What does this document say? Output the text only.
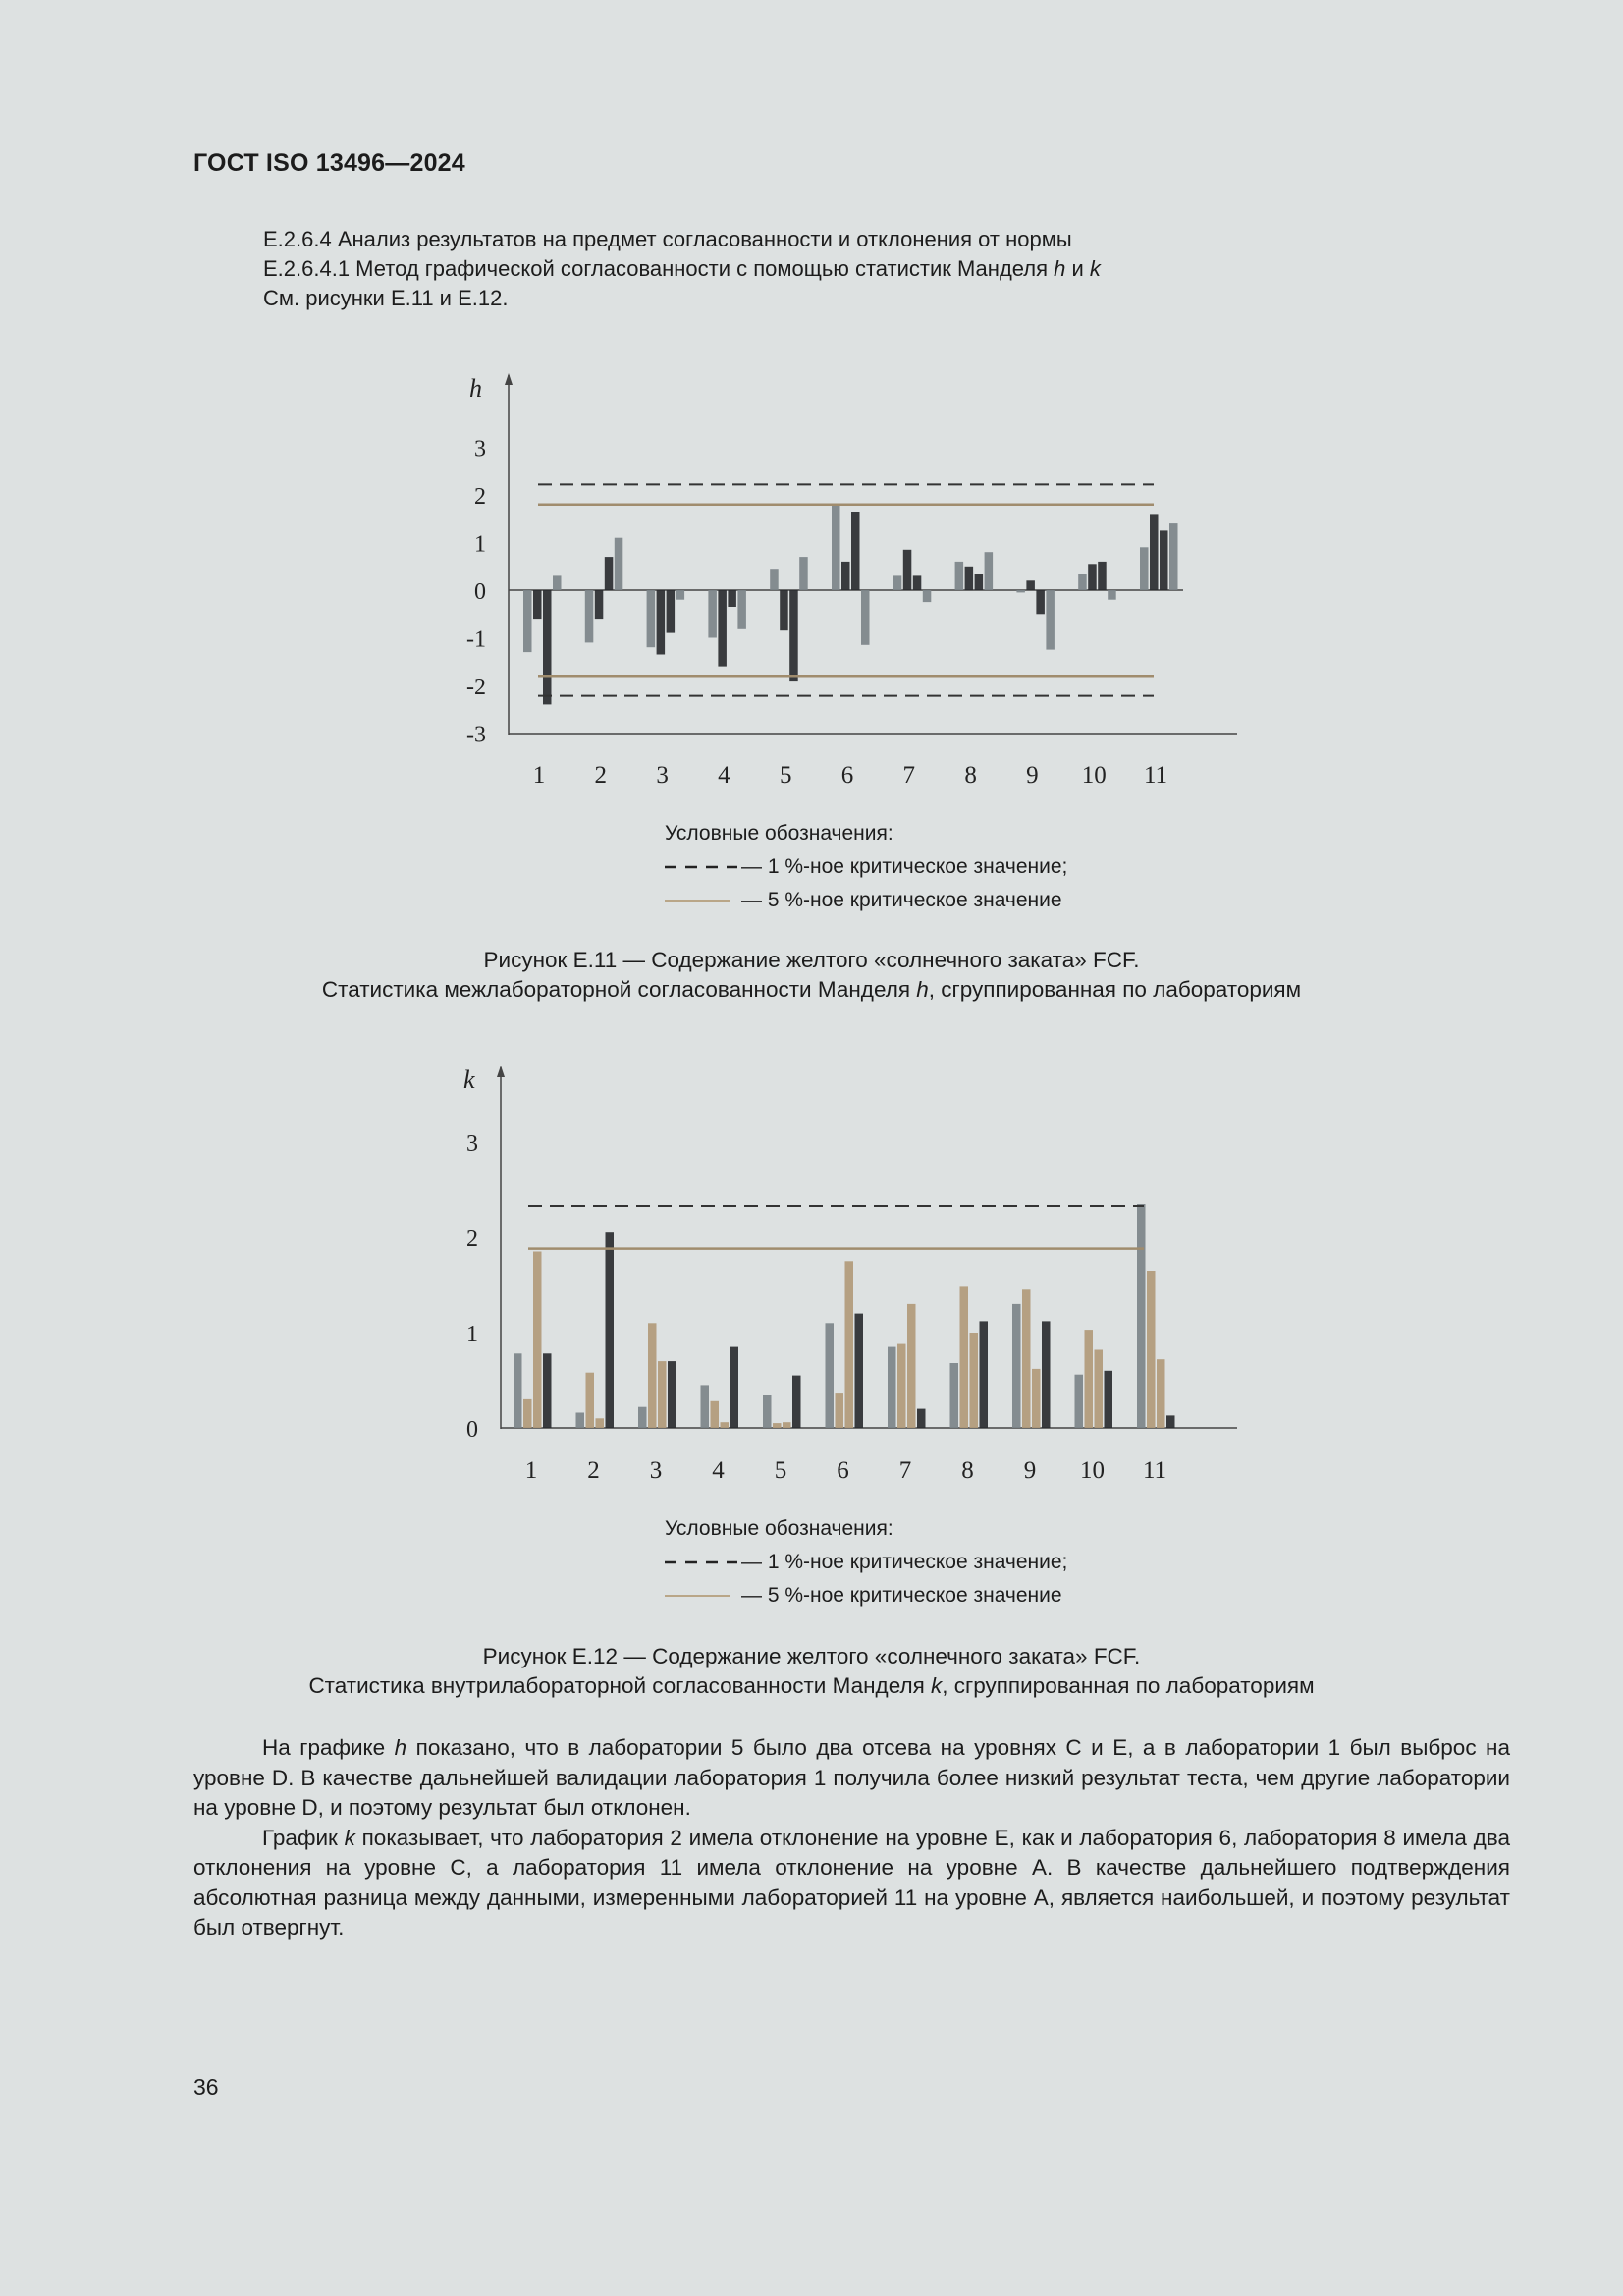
ГОСТ ISO 13496—2024
Е.2.6.4 Анализ результатов на предмет согласованности и отклонения от нормы
Е.2.6.4.1 Метод графической согласованности с помощью статистик Манделя h и k
См. рисунки Е.11 и Е.12.
h
3
2
1
0
-1
-2
-3
1 2 3 4 5 6 7 8 9 10 11
Условные обозначения:
— 1 %-ное критическое значение;
— 5 %-ное критическое значение
Рисунок Е.11 — Содержание желтого «солнечного заката» FCF.
Статистика межлабораторной согласованности Манделя h, сгруппированная по лабораториям
k
3
2
1
0
1 2 3 4 5 6 7 8 9 10 11
Условные обозначения:
— 1 %-ное критическое значение;
— 5 %-ное критическое значение
Рисунок Е.12 — Содержание желтого «солнечного заката» FCF.
Статистика внутрилабораторной согласованности Манделя k, сгруппированная по лабораториям

На графике h показано, что в лаборатории 5 было два отсева на уровнях С и Е, а в лаборатории 1 был выброс на уровне D. В качестве дальнейшей валидации лаборатория 1 получила более низкий результат теста, чем другие лаборатории на уровне D, и поэтому результат был отклонен.

График k показывает, что лаборатория 2 имела отклонение на уровне Е, как и лаборатория 6, лаборатория 8 имела два отклонения на уровне С, а лаборатория 11 имела отклонение на уровне А. В качестве дальнейшего подтверждения абсолютная разница между данными, измеренными лабораторией 11 на уровне А, является наибольшей, и поэтому результат был отвергнут.

36
